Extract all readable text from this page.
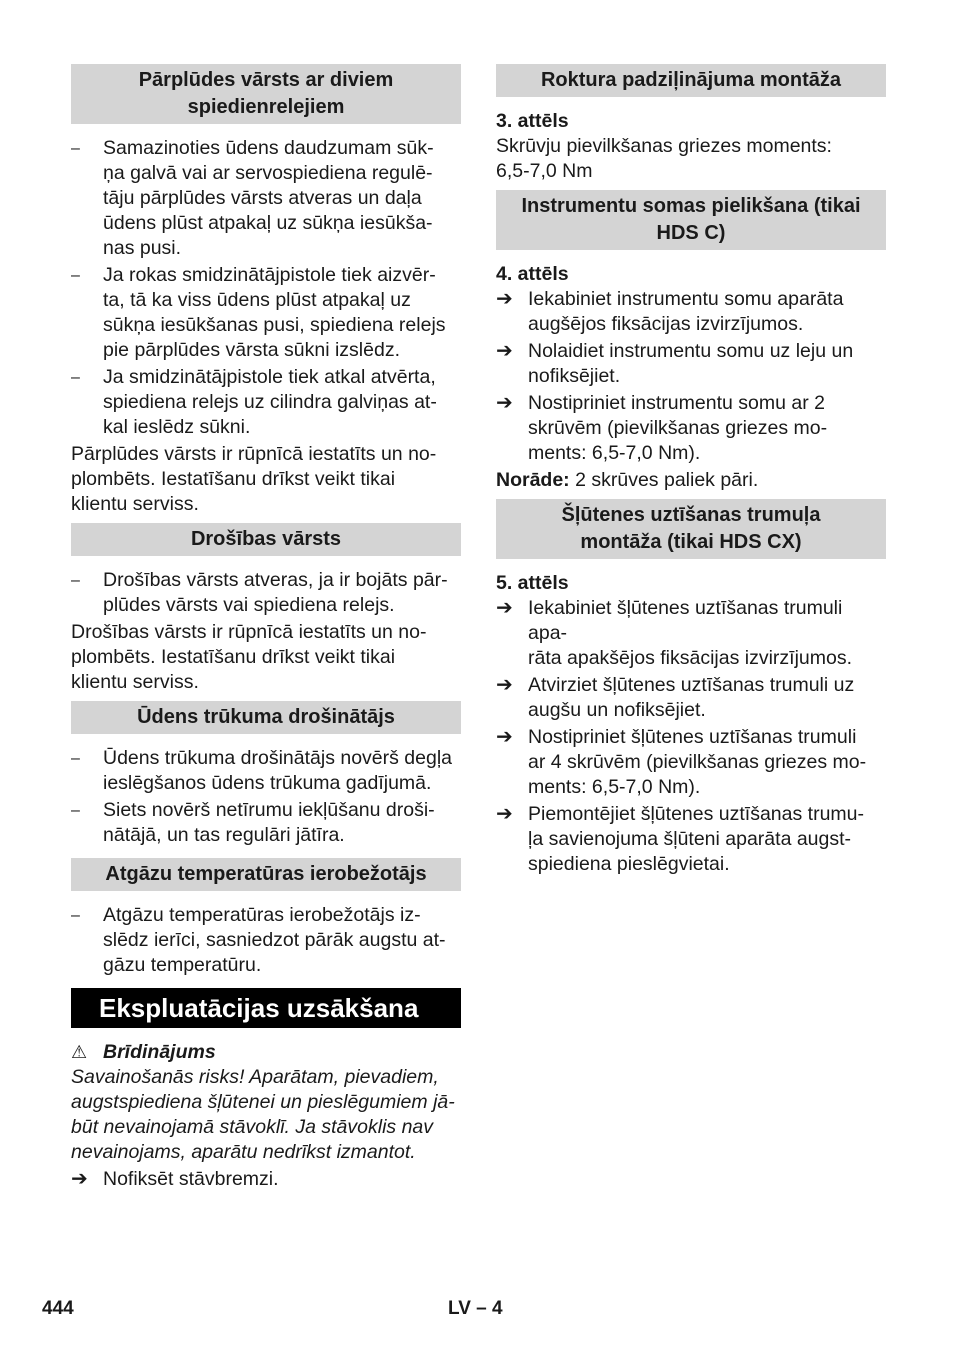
Pārplūdes vārsts ar diviem spiedienrelejiem
–	Samazinoties ūdens daudzumam sūk-
ņa galvā vai ar servospiediena regulē-
tāju pārplūdes vārsts atveras un daļa
ūdens plūst atpakaļ uz sūkņa iesūkša-
nas pusi.
–	Ja rokas smidzinātājpistole tiek aizvēr-
ta, tā ka viss ūdens plūst atpakaļ uz
sūkņa iesūkšanas pusi, spiediena relejs
pie pārplūdes vārsta sūkni izslēdz.
–	Ja smidzinātājpistole tiek atkal atvērta,
spiediena relejs uz cilindra galviņas at-
kal ieslēdz sūkni.
Pārplūdes vārsts ir rūpnīcā iestatīts un no-
plombēts. Iestatīšanu drīkst veikt tikai
klientu serviss.
Drošības vārsts
–	Drošības vārsts atveras, ja ir bojāts pār-
plūdes vārsts vai spiediena relejs.
Drošības vārsts ir rūpnīcā iestatīts un no-
plombēts. Iestatīšanu drīkst veikt tikai
klientu serviss.
Ūdens trūkuma drošinātājs
–	Ūdens trūkuma drošinātājs novērš degļa
ieslēgšanos ūdens trūkuma gadījumā.
–	Siets novērš netīrumu iekļūšanu droši-
nātājā, un tas regulāri jātīra.
Atgāzu temperatūras ierobežotājs
–	Atgāzu temperatūras ierobežotājs iz-
slēdz ierīci, sasniedzot pārāk augstu at-
gāzu temperatūru.
Ekspluatācijas uzsākšana
⚠ Brīdinājums
Savainošanās risks! Aparātam, pievadiem,
augstspiediena šļūtenei un pieslēgumiem jā-
būt nevainojamā stāvoklī. Ja stāvoklis nav
nevainojams, aparātu nedrīkst izmantot.
➔ Nofiksēt stāvbremzi.
Roktura padziļinājuma montāža
3. attēls
Skrūvju pievilkšanas griezes moments:
6,5-7,0 Nm
Instrumentu somas pielikšana (tikai
HDS C)
4. attēls
➔ Iekabiniet instrumentu somu aparāta
augšējos fiksācijas izvirzījumos.
➔ Nolaidiet instrumentu somu uz leju un
nofiksējiet.
➔ Nostipriniet instrumentu somu ar 2
skrūvēm (pievilkšanas griezes mo-
ments: 6,5-7,0 Nm).
Norāde: 2 skrūves paliek pāri.
Šļūtenes uztīšanas trumuļa
montāža (tikai HDS CX)
5. attēls
➔ Iekabiniet šļūtenes uztīšanas trumuli apa-
rāta apakšējos fiksācijas izvirzījumos.
➔ Atvirziet šļūtenes uztīšanas trumuli uz
augšu un nofiksējiet.
➔ Nostipriniet šļūtenes uztīšanas trumuli
ar 4 skrūvēm (pievilkšanas griezes mo-
ments: 6,5-7,0 Nm).
➔ Piemontējiet šļūtenes uztīšanas trumu-
ļa savienojuma šļūteni aparāta augst-
spiediena pieslēgvietai.
444	LV – 4
